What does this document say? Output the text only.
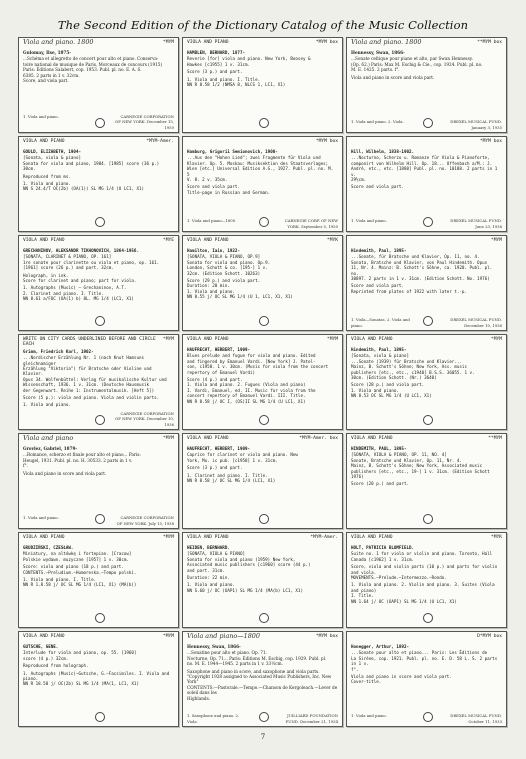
The Second Edition of the Dictionary Catalog of the Music Collection
Viola and piano. 1800	*MYM
Gulomay, Ilse, 1875-
...Schéma et allegretto de concert pour alto et piano. Conserva-
toire national de musique de Paris, Morceaux de concours (1915)
Paris: Éditions Salabert, cop. 1953. Publ. pl. no. E. A. S.
6385. 2 parts in 1 v. 32cm.
Score, and viola part.
1. Viola and piano.	CARNEGIE CORPORATION OF NEW YORK. December 15, 1950
VIOLA AND PIANO	*MYM box
HAMBLEN, BERNARD, 1877-
Reverie [for] viola and piano. New York, Boosey &
Hawkes [c1955] 1 v. 31cm.
Score (3 p.) and part.
1. Viola and piano. I. Title.
NN R 8.58 1/2 (NMSA 8, NLCS 1, LC1, X1)
Viola and piano. 1800	**MYM box
Hennessy, Swan, 1866-
...Sonate celtique pour piano et alto, par Swan Hennessy.
(Op. 62.) Paris: Max M. Eschig & Cie., cop. 1924. Publ. pl. no.
M. E. 1425. 2 parts. f°.
Viola and piano in score and viola part.
1. Viola and piano. 2. Viola.	DREXEL MUSICAL FUND. January 3, 1935
VIOLA AND PIANO	*MYM-Amer.
GOULD, ELIZABETH, 1904-
[Sonata, viola & piano]
Sonata for viola and piano, 1984. [1985] score (36 p.)
30cm.
Reproduced from ms.
1. Viola and piano.
NN S 24.4/T OC(2b) (OA(1)) SL MG 1/4 (U LC1, X1)
*MYM box
Hamburg, Grigorii Semionovich, 1900-
...Aus den "Hohen Lied"; zwei Fragmente für Viola und
Klavier. Op. 5. Moskau: Musiksektion des Staatsverlages;
Wien [etc.] Universal Edition A.G., 1927. Publ. pl. no. M. 5
V. 8. 2 v. 35cm.
Score and viola part.
Title-page in Russian and German.
1. Viola and piano—1800.	CARNEGIE CORP. OF NEW YORK. September 5, 1950
*MYM box
Hill, Wilhelm, 1838-1902.
...Nocturno, Scherzo u. Romanze für Viola & Pianoforte,
componirt von Wilhelm Hill. Op. 18... Offenbach a/M.: J.
André, etc., etc. [1880] Publ. pl. no. 10188. 2 parts in 1 v.
29½cm.
Score and viola part.
1. Viola and piano.	DREXEL MUSICAL FUND. June 23, 1936
VIOLA AND PIANO	*MYE
GRECHANINOV, ALEKSANDR TIKHONOVICH, 1864-1956.
[SONATA, CLARINET & PIANO, OP. 161]
1re sonate pour clarinette ou viola et piano, op. 161.
[1961] score (26 p.) and part. 32cm.
Holograph, in ink.
Score for clarinet and piano; part for viola.
1. Autographs (Music) — Grechaninov, A.T.
2. Clarinet and piano. I. Title.
NN 8.61 a/FOC (OA(1) b) 8L. MG 1/4 (LC1, X1)
VIOLA AND PIANO	*MYK
Hamilton, Iain, 1922-
[SONATA, VIOLA & PIANO, OP.9]
Sonata for viola and piano. Op.9.
London, Schott & co. [195-] 1 v.
32cm. (Edition Schott. 10263)
Score (29 p.) and viola part.
Duration: 20 min.
1. Viola and piano.
NN 8.55 j/ OC SL MG 1/4 (U 1, LC1, X1, X1)
*MYM
Hindemith, Paul, 1895-
...Sonate, für Bratsche und Klavier, Op. 11, no. 4.
Sonata, Bratsche und Klavier, von Paul Hindemith. Opus
11, Nr. 4. Mainz: B. Schott's Söhne, ca. 1920. Publ. pl. no.
30897. 2 parts in 1 v. 31cm. (Edition Schott. No. 1976)
Score and viola part.
Reprinted from plates of 1922 with later t.-p.
1. Viola—Sonatas. 2. Viola and piano.
DREXEL MUSICAL FUND. December 10, 1936
WRITE ON CITY CARDS UNDERLINED BEFORE AND CIRCLE EACH
*MYM
Grimm, Friedrich Karl, 1902-
...Nordischer Erzählung Nr. 1 (nach Knut Hamsuns gleichnamiger
Erzählung "Viktoria") für Bratsche oder Violine und Klavier.
Opus 34. Wolfenbüttel: Verlag für musikalische Kultur und
Wissenschaft, 1936. 1 v. 31cm. (Deutsche Hausmusik
der Gegenwart. Reihe 1: Instrumentalmusik. [Heft 5])
Score (5 p.): viola and piano. Viola and violin parts.
1. Viola and piano.
CARNEGIE CORPORATION OF NEW YORK. December 10, 1936
VIOLA AND PIANO	*MYM
HAUFRECHT, HERBERT, 1909-
Blues prelude and fugue for viola and piano. Edited
and fingered by Emanuel Vardi. [New York] J. Patel-
son, c1958. 1 v. 30cm. (Music for viola from the concert
repertory of Emanuel Vardi)
Score (4 p.) and part.
1. Viola and piano. 2. Fugues (Viola and piano)
I. Vardi, Emanuel, ed. II. Music for viola from the
concert repertory of Emanuel Vardi. III. Title.
NN R 8.58 j/ OC I, (OS)II SL MG 1/4 (U LC1, X1)
VIOLA AND PIANO	*MYM
Hindemith, Paul, 1895-
[Sonata, viola & piano]
...Sonate (1939) für Bratsche und Klavier...
Mainz, B. Schott's Söhne; New York, Ass. music
publishers [etc., etc., c1940] B.S.S. 36055. 1 v.
30cm. (Edition Schott. (Nr.) 3640)
Score (28 p.) and viola part.
1. Viola and piano.
NN 8.53 OC SL MG 1/4 (U LC1, X1)
Viola and piano	*MYM
Grovlez, Gabriel, 1879-
...Romance, scherzo et finale pour alto et piano... Paris:
Heugel, 1931. Publ. pl. no. H. 30533. 2 parts in 1 v.
f°.
Viola and piano in score and viola part.
1. Viola and piano.	CARNEGIE CORPORATION OF NEW YORK. July 15, 1938
VIOLA AND PIANO	*MYM-Amer. box
HAUFRECHT, HERBERT, 1909-
Caprice for clarinet or viola and piano. New
York, Mu. ic pub. [c1958] 1 v. 31cm.
Score (3 p.) and part.
1. Clarinet and piano. I. Title.
NN R 8.58 j/ OC SL MG 1/4 (LC1, X1)
VIOLA AND PIANO	**MYM
HINDEMITH, PAUL, 1895-
[SONATA, VIOLA & PIANO, OP. 11, NO. 4]
Sonate, Bratsche und Klavier, Op. 11, Nr. 4.
Mainz, B. Schott's Söhne; New York, Associated music
publishers [etc., etc., 19-] 1 v. 31cm. (Edition Schott 1976)
Score (20 p.) and part.
VIOLA AND PIANO	*MYM
GRUDZIŃSKI, CZESŁAW.
Miniatury, na altówkę i fortepian. [Cracow]
Polskie wydawn. muzyczne [1957] 1 v. 30cm.
Score: viola and piano (18 p.) and part.
CONTENTS.—Preludium.—Humoreska.—Tempo polski.
1. Viola and piano. I. Title.
NN R 1.8.58 j/ OC SL MG 1/4 (LC1, X1) (MA(b))
VIOLA AND PIANO	*MYM-Amer.
HEIDEN, BERNHARD.
[SONATA, VIOLA & PIANO]
Sonata for viola and piano (1959) New York,
Associated music publishers [c1960] score (44 p.)
and part. 31cm.
Duration: 22 min.
1. Viola and piano.
NN S.60 j/ OC (OAP1) SL MG 1/4 (MA(b) LC1, X1)
VIOLA AND PIANO	*MYK
HOLT, PATRICIA BLOMFIELD.
Suite no. 1 for viola or violin and piano. Toronto, Hall
Canada [c1962] 1 v. 31cm.
Score, viola and violin parts (10 p.) and parts for violin and viola.
MOVEMENTS.—Prelude.—Intermezzo.—Rondo.
1. Viola and piano. 2. Violin and piano. 3. Suites (Viola and piano)
I. Title.
NN 1.64 j/ OC (OAP1) SL MG 1/4 (U LC1, X1)
VIOLA AND PIANO	*MYM
GUTSCHE, GENE.
Interlude for viola and piano, op. 55. [1960]
score (4 p.) 32cm.
Reproduced from holograph.
1. Autographs (Music)—Gutsche, G.—Facsimiles. I. Viola and piano.
NN R 18.58 j/ OC(2b) SL MG 1/4 (MA(1, LC1, X1)
Viola and piano—1800	*MYM box
Hennessy, Swan, 1866-
...Sonatine pour alto et piano. Op. 71.
Nocturne, Op. 71... Paris: Éditions M. Eschig, cop. 1929. Publ. pl.
no. M. E. 1944—1945. 2 parts in 1 v. 33½cm.
Saxophone and piano in score, and saxophone and viola parts.
"Copyright 1928 assigned to Associated Music Publishers, Inc. New York"
CONTENTS.—Pastorale.—Tempo.—Chanson de Kergoleach.—Lever de soleil dans les
Highlands.
1. Saxophone and piano. 2. Viola.
JUILLIARD FOUNDATION FUND. December 21, 1934
D*MYM box
Honegger, Arthur, 1892-
...Sonate pour alto et piano... Paris: Les Éditions de
La Sirène, cop. 1921. Publ. pl. no. E. D. 58 L. S. 2 parts in 1 v.
f°.
Viola and piano in score and viola part.
Cover-title.
1. Viola and piano.	DREXEL MUSICAL FUND. October 11, 1933
7
